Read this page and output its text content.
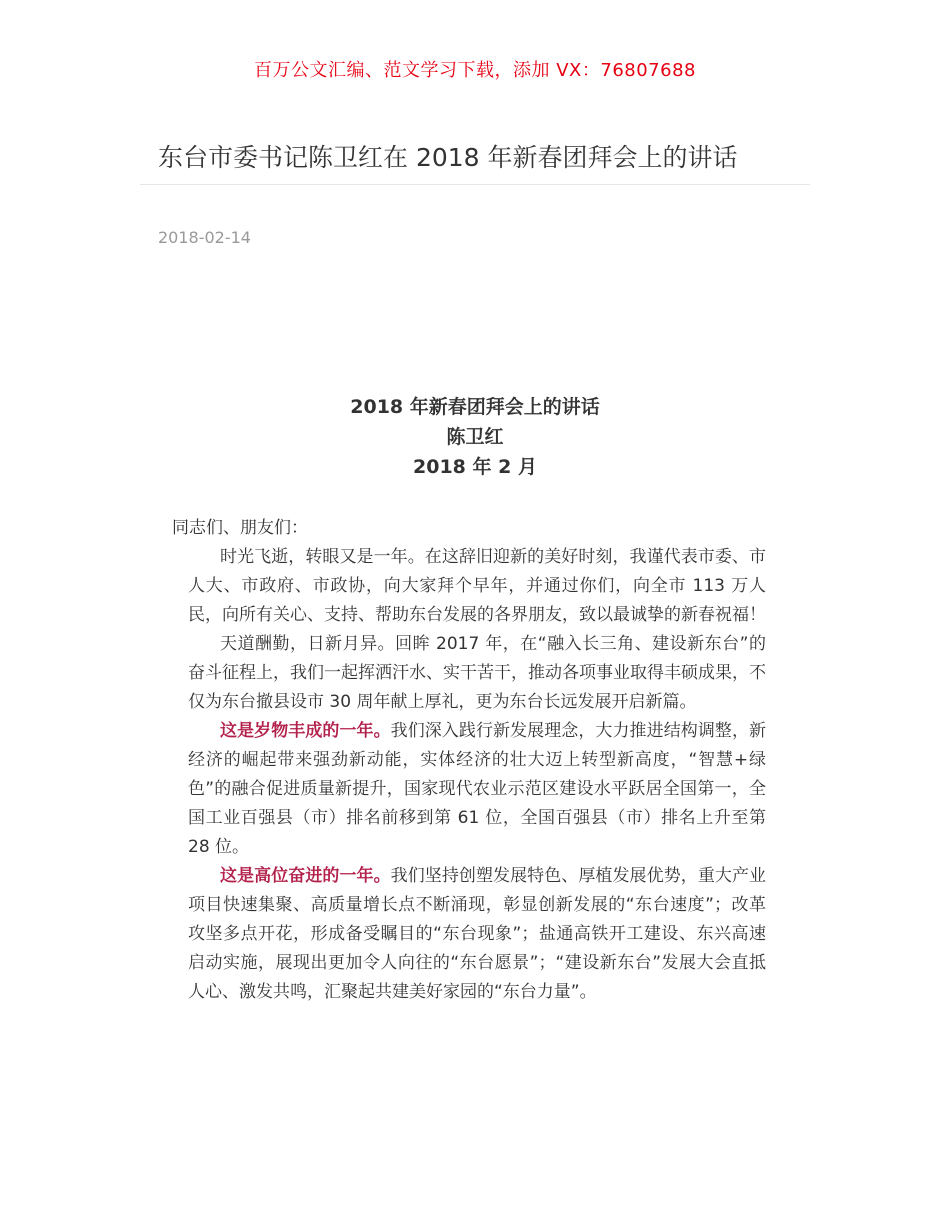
百万公文汇编、范文学习下载，添加 VX：76807688
东台市委书记陈卫红在 2018 年新春团拜会上的讲话
2018-02-14
2018 年新春团拜会上的讲话
陈卫红
2018 年 2 月

同志们、朋友们：

时光飞逝，转眼又是一年。在这辞旧迎新的美好时刻，我谨代表市委、市人大、市政府、市政协，向大家拜个早年，并通过你们，向全市 113 万人民，向所有关心、支持、帮助东台发展的各界朋友，致以最诚挚的新春祝福！

天道酬勤，日新月异。回眸 2017 年，在“融入长三角、建设新东台”的奋斗征程上，我们一起挥洒汗水、实干苦干，推动各项事业取得丰硕成果，不仅为东台撤县设市 30 周年献上厚礼，更为东台长远发展开启新篇。

这是岁物丰成的一年。我们深入践行新发展理念，大力推进结构调整，新经济的崛起带来强劲新动能，实体经济的壮大迈上转型新高度，“智慧+绿色”的融合促进质量新提升，国家现代农业示范区建设水平跃居全国第一，全国工业百强县（市）排名前移到第 61 位，全国百强县（市）排名上升至第 28 位。

这是高位奋进的一年。我们坚持创塑发展特色、厚植发展优势，重大产业项目快速集聚、高质量增长点不断涌现，彰显创新发展的“东台速度”；改革攻坚多点开花，形成备受瞩目的“东台现象”；盐通高铁开工建设、东兴高速启动实施，展现出更加令人向往的“东台愿景”；“建设新东台”发展大会直抵人心、激发共鸣，汇聚起共建美好家园的“东台力量”。
